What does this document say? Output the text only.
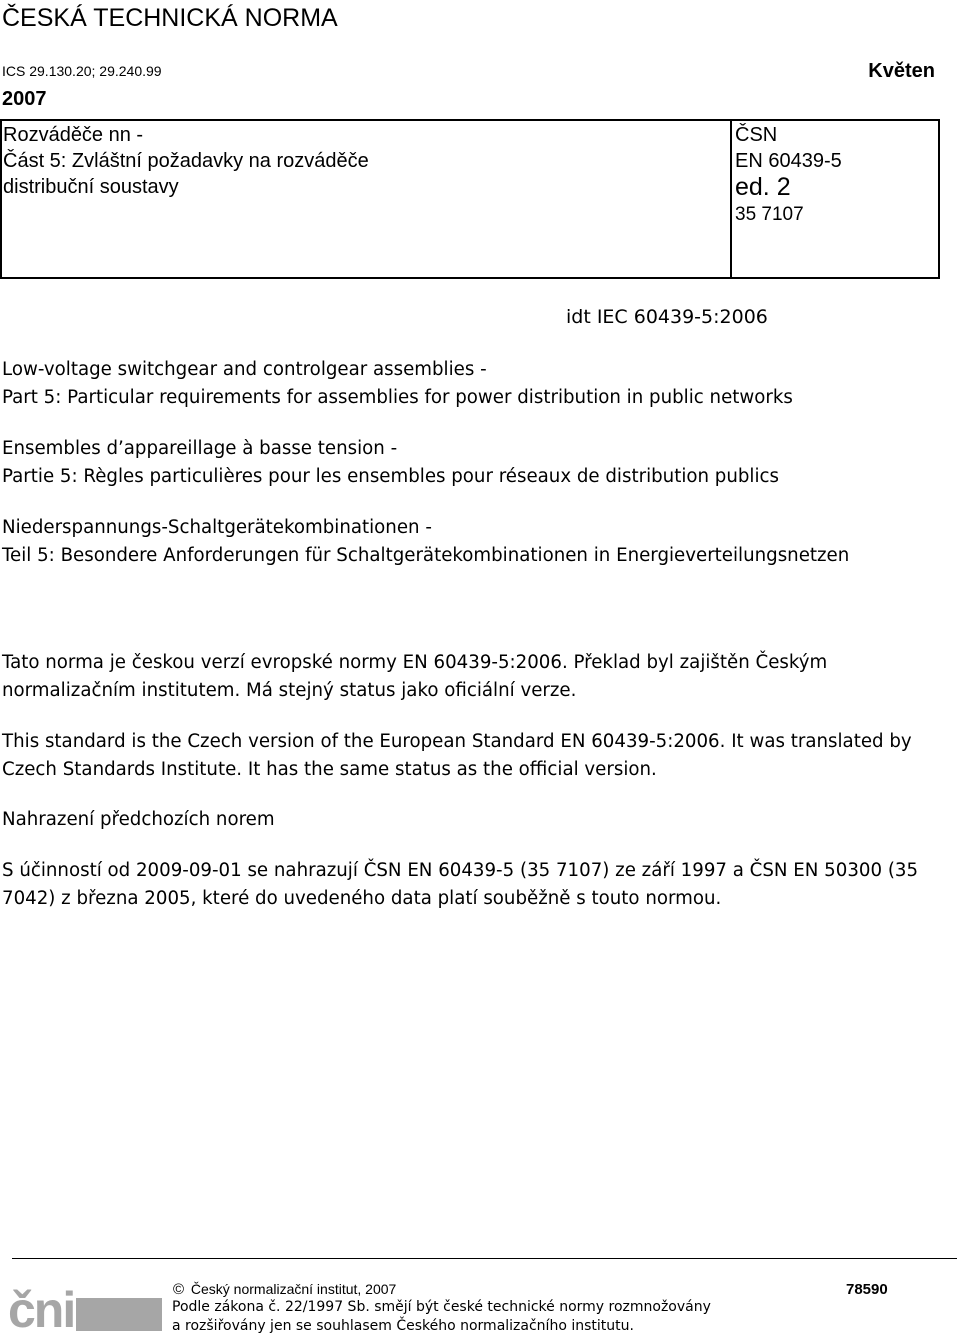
ČESKÁ TECHNICKÁ NORMA
ICS 29.130.20; 29.240.99	Květen
2007
Rozváděče nn -
Část 5: Zvláštní požadavky na rozváděče
distribuční soustavy
ČSN
EN 60439-5
ed. 2
35 7107
idt IEC 60439-5:2006
Low-voltage switchgear and controlgear assemblies -
Part 5: Particular requirements for assemblies for power distribution in public networks
Ensembles d’appareillage à basse tension -
Partie 5: Règles particulières pour les ensembles pour réseaux de distribution publics
Niederspannungs-Schaltgerätekombinationen -
Teil 5: Besondere Anforderungen für Schaltgerätekombinationen in Energieverteilungsnetzen
Tato norma je českou verzí evropské normy EN 60439-5:2006. Překlad byl zajištěn Českým normalizačním institutem. Má stejný status jako oficiální verze.
This standard is the Czech version of the European Standard EN 60439-5:2006. It was translated by Czech Standards Institute. It has the same status as the official version.
Nahrazení předchozích norem
S účinností od 2009-09-01 se nahrazují ČSN EN 60439-5 (35 7107) ze září 1997 a ČSN EN 50300 (35 7042) z března 2005, které do uvedeného data platí souběžně s touto normou.
čni	© Český normalizační institut, 2007	78590
Podle zákona č. 22/1997 Sb. smějí být české technické normy rozmnožovány
a rozšiřovány jen se souhlasem Českého normalizačního institutu.
